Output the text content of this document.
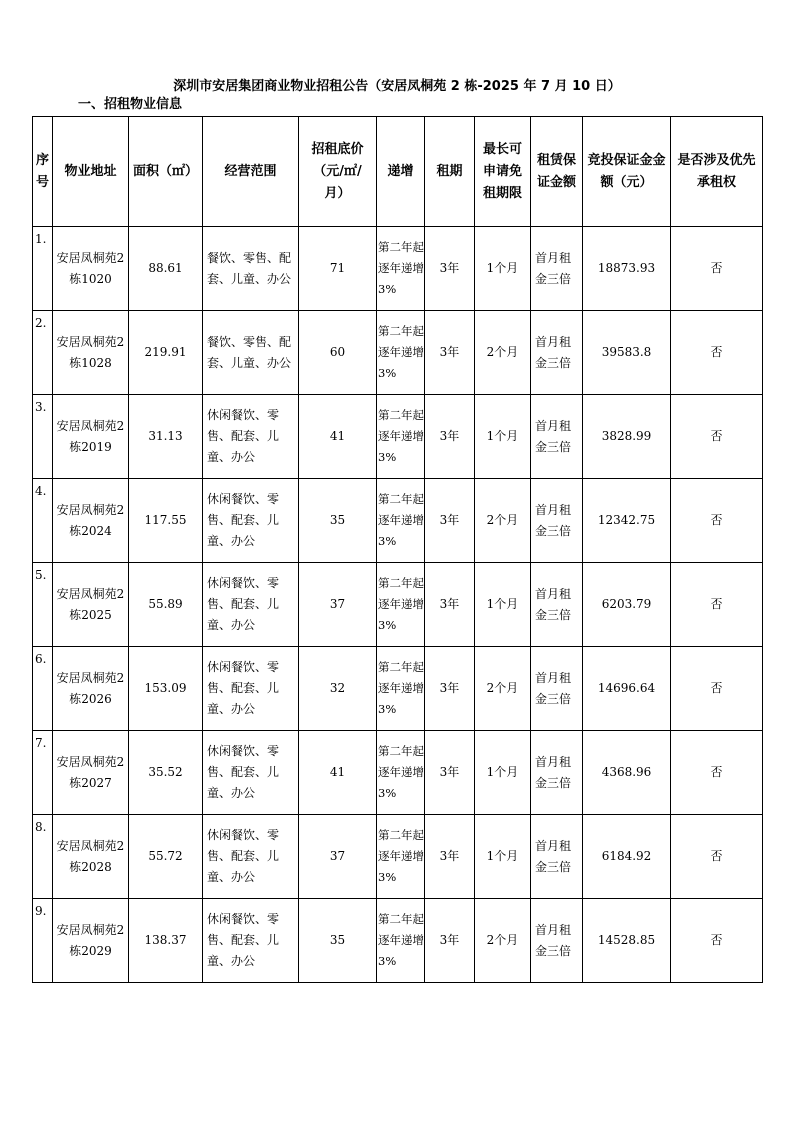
深圳市安居集团商业物业招租公告（安居凤桐苑 2 栋-2025 年 7 月 10 日）
一、招租物业信息
序号	物业地址	面积（㎡）	经营范围	招租底价（元/㎡/月）	递增	租期	最长可申请免租期限	租赁保证金额	竞投保证金金额（元）	是否涉及优先承租权
1.	安居凤桐苑2栋1020	88.61	餐饮、零售、配套、儿童、办公	71	第二年起逐年递增3%	3年	1个月	首月租金三倍	18873.93	否
2.	安居凤桐苑2栋1028	219.91	餐饮、零售、配套、儿童、办公	60	第二年起逐年递增3%	3年	2个月	首月租金三倍	39583.8	否
3.	安居凤桐苑2栋2019	31.13	休闲餐饮、零售、配套、儿童、办公	41	第二年起逐年递增3%	3年	1个月	首月租金三倍	3828.99	否
4.	安居凤桐苑2栋2024	117.55	休闲餐饮、零售、配套、儿童、办公	35	第二年起逐年递增3%	3年	2个月	首月租金三倍	12342.75	否
5.	安居凤桐苑2栋2025	55.89	休闲餐饮、零售、配套、儿童、办公	37	第二年起逐年递增3%	3年	1个月	首月租金三倍	6203.79	否
6.	安居凤桐苑2栋2026	153.09	休闲餐饮、零售、配套、儿童、办公	32	第二年起逐年递增3%	3年	2个月	首月租金三倍	14696.64	否
7.	安居凤桐苑2栋2027	35.52	休闲餐饮、零售、配套、儿童、办公	41	第二年起逐年递增3%	3年	1个月	首月租金三倍	4368.96	否
8.	安居凤桐苑2栋2028	55.72	休闲餐饮、零售、配套、儿童、办公	37	第二年起逐年递增3%	3年	1个月	首月租金三倍	6184.92	否
9.	安居凤桐苑2栋2029	138.37	休闲餐饮、零售、配套、儿童、办公	35	第二年起逐年递增3%	3年	2个月	首月租金三倍	14528.85	否
